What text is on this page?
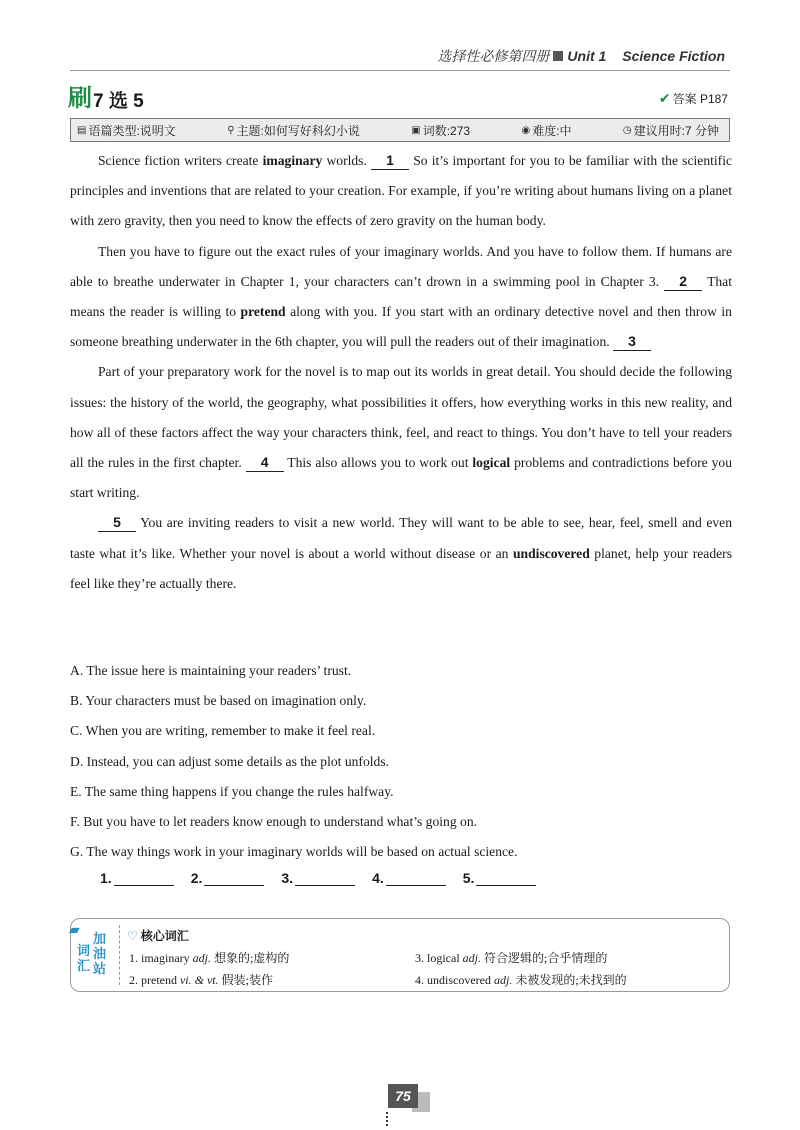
选择性必修第四册 Unit 1 Science Fiction
刷 7 选 5	✔ 答案 P187
▤ 语篇类型:说明文	⚲ 主题:如何写好科幻小说	▣ 词数:273	◉ 难度:中	◷ 建议用时:7 分钟

Science fiction writers create imaginary worlds. 1 So it’s important for you to be familiar with the scientific principles and inventions that are related to your creation. For example, if you’re writing about humans living on a planet with zero gravity, then you need to know the effects of zero gravity on the human body.

Then you have to figure out the exact rules of your imaginary worlds. And you have to follow them. If humans are able to breathe underwater in Chapter 1, your characters can’t drown in a swimming pool in Chapter 3. 2 That means the reader is willing to pretend along with you. If you start with an ordinary detective novel and then throw in someone breathing underwater in the 6th chapter, you will pull the readers out of their imagination. 3

Part of your preparatory work for the novel is to map out its worlds in great detail. You should decide the following issues: the history of the world, the geography, what possibilities it offers, how everything works in this new reality, and how all of these factors affect the way your characters think, feel, and react to things. You don’t have to tell your readers all the rules in the first chapter. 4 This also allows you to work out logical problems and contradictions before you start writing.

5 You are inviting readers to visit a new world. They will want to be able to see, hear, feel, smell and even taste what it’s like. Whether your novel is about a world without disease or an undiscovered planet, help your readers feel like they’re actually there.

A. The issue here is maintaining your readers’ trust.
B. Your characters must be based on imagination only.
C. When you are writing, remember to make it feel real.
D. Instead, you can adjust some details as the plot unfolds.
E. The same thing happens if you change the rules halfway.
F. But you have to let readers know enough to understand what’s going on.
G. The way things work in your imaginary worlds will be based on actual science.
1.	2.	3.	4.	5.
▰
词汇
加油站
♡ 核心词汇
1. imaginary adj. 想象的;虚构的
2. pretend vi. & vt. 假装;装作
3. logical adj. 符合逻辑的;合乎情理的
4. undiscovered adj. 未被发现的;未找到的
75
